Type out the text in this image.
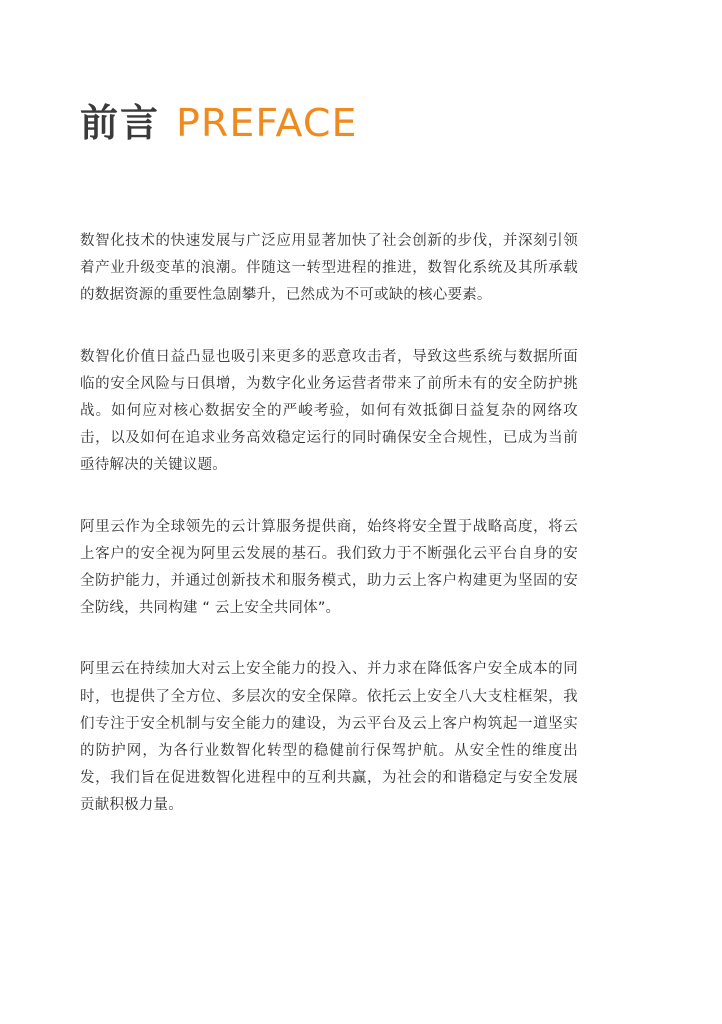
前言 PREFACE

数智化技术的快速发展与广泛应用显著加快了社会创新的步伐，并深刻引领着产业升级变革的浪潮。伴随这一转型进程的推进，数智化系统及其所承载的数据资源的重要性急剧攀升，已然成为不可或缺的核心要素。

数智化价值日益凸显也吸引来更多的恶意攻击者，导致这些系统与数据所面临的安全风险与日俱增，为数字化业务运营者带来了前所未有的安全防护挑战。如何应对核心数据安全的严峻考验，如何有效抵御日益复杂的网络攻击，以及如何在追求业务高效稳定运行的同时确保安全合规性，已成为当前亟待解决的关键议题。

阿里云作为全球领先的云计算服务提供商，始终将安全置于战略高度，将云上客户的安全视为阿里云发展的基石。我们致力于不断强化云平台自身的安全防护能力，并通过创新技术和服务模式，助力云上客户构建更为坚固的安全防线，共同构建 “ 云上安全共同体”。

阿里云在持续加大对云上安全能力的投入、并力求在降低客户安全成本的同时，也提供了全方位、多层次的安全保障。依托云上安全八大支柱框架，我们专注于安全机制与安全能力的建设，为云平台及云上客户构筑起一道坚实的防护网，为各行业数智化转型的稳健前行保驾护航。从安全性的维度出发，我们旨在促进数智化进程中的互利共赢，为社会的和谐稳定与安全发展贡献积极力量。
